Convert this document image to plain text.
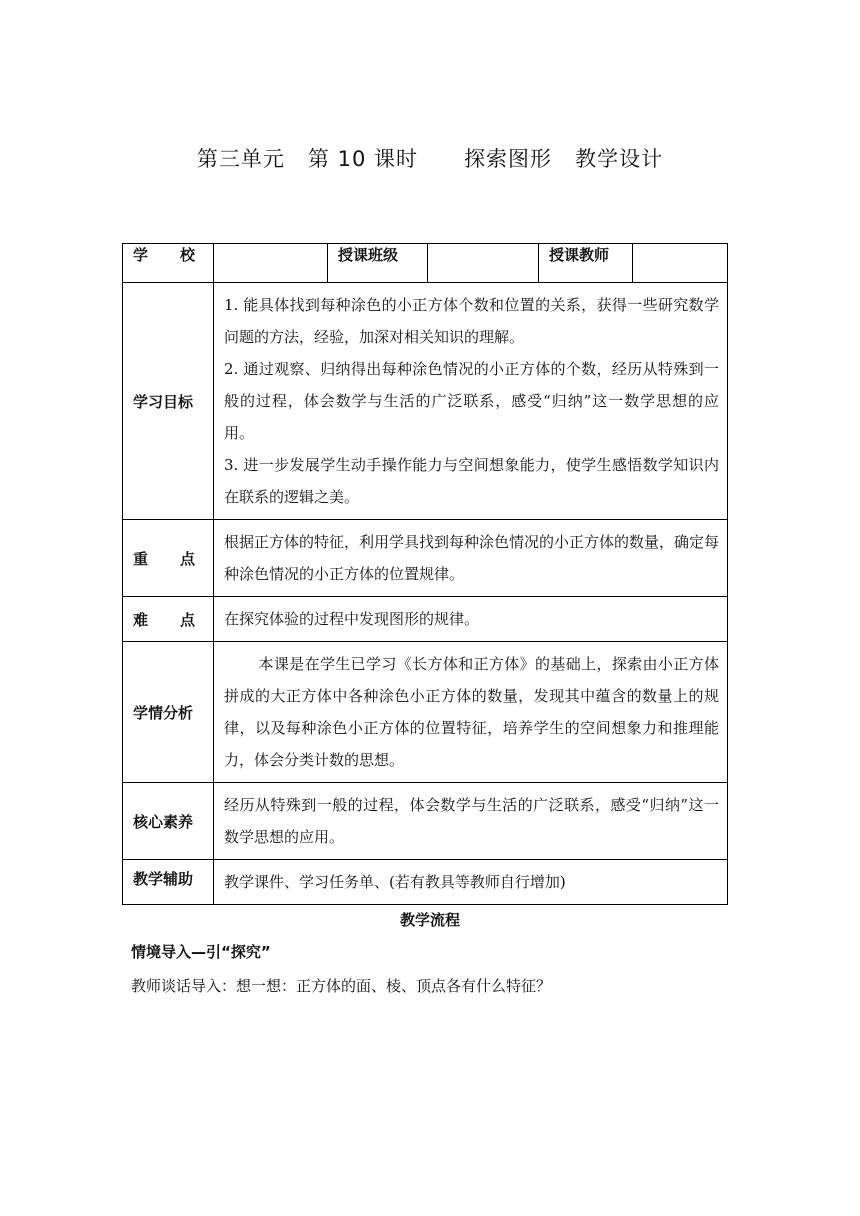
第三单元 第 10 课时 探索图形 教学设计
学 校		授课班级		授课教师	
学习目标	1. 能具体找到每种涂色的小正方体个数和位置的关系，获得一些研究数学问题的方法，经验，加深对相关知识的理解。

2. 通过观察、归纳得出每种涂色情况的小正方体的个数，经历从特殊到一般的过程，体会数学与生活的广泛联系，感受“归纳”这一数学思想的应用。

3. 进一步发展学生动手操作能力与空间想象能力，使学生感悟数学知识内在联系的逻辑之美。				

重 点	根据正方体的特征，利用学具找到每种涂色情况的小正方体的数量，确定每种涂色情况的小正方体的位置规律。				

难 点	在探究体验的过程中发现图形的规律。				
学情分析	本课是在学生已学习《长方体和正方体》的基础上，探索由小正方体拼成的大正方体中各种涂色小正方体的数量，发现其中蕴含的数量上的规律，以及每种涂色小正方体的位置特征，培养学生的空间想象力和推理能力，体会分类计数的思想。				

核心素养	经历从特殊到一般的过程，体会数学与生活的广泛联系，感受“归纳”这一数学思想的应用。				
教学辅助	教学课件、学习任务单、(若有教具等教师自行增加)				
教学流程
情境导入—引“探究”
教师谈话导入：想一想：正方体的面、棱、顶点各有什么特征？
